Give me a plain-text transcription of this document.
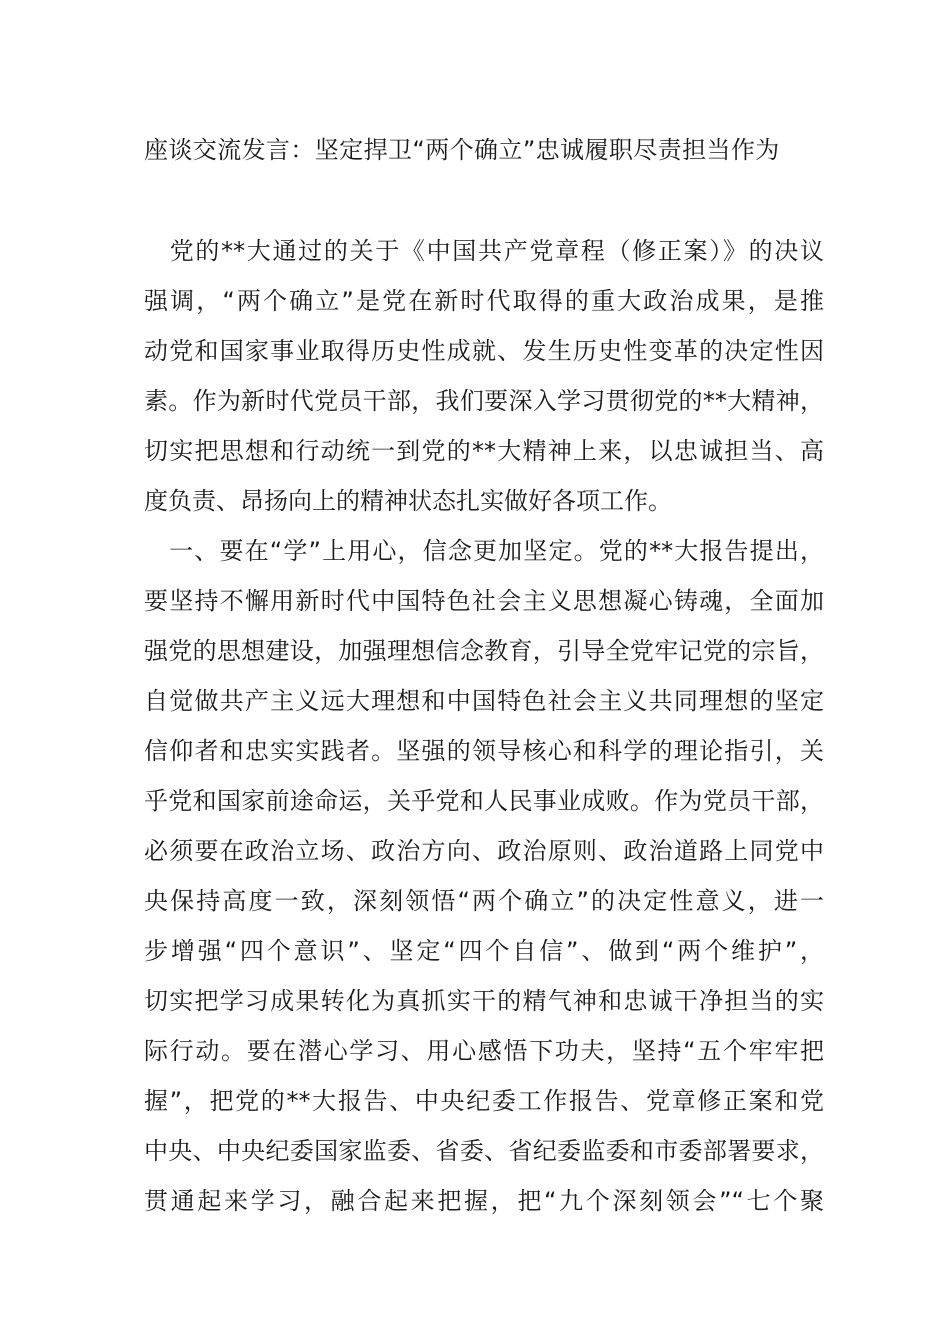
座谈交流发言：坚定捍卫“两个确立”忠诚履职尽责担当作为
　党的**大通过的关于《中国共产党章程（修正案）》的决议
强调，“两个确立”是党在新时代取得的重大政治成果，是推
动党和国家事业取得历史性成就、发生历史性变革的决定性因
素。作为新时代党员干部，我们要深入学习贯彻党的**大精神，
切实把思想和行动统一到党的**大精神上来，以忠诚担当、高
度负责、昂扬向上的精神状态扎实做好各项工作。
　一、要在“学”上用心，信念更加坚定。党的**大报告提出，
要坚持不懈用新时代中国特色社会主义思想凝心铸魂，全面加
强党的思想建设，加强理想信念教育，引导全党牢记党的宗旨，
自觉做共产主义远大理想和中国特色社会主义共同理想的坚定
信仰者和忠实实践者。坚强的领导核心和科学的理论指引，关
乎党和国家前途命运，关乎党和人民事业成败。作为党员干部，
必须要在政治立场、政治方向、政治原则、政治道路上同党中
央保持高度一致，深刻领悟“两个确立”的决定性意义，进一
步增强“四个意识”、坚定“四个自信”、做到“两个维护”，
切实把学习成果转化为真抓实干的精气神和忠诚干净担当的实
际行动。要在潜心学习、用心感悟下功夫，坚持“五个牢牢把
握”，把党的**大报告、中央纪委工作报告、党章修正案和党
中央、中央纪委国家监委、省委、省纪委监委和市委部署要求，
贯通起来学习，融合起来把握，把“九个深刻领会”“七个聚
